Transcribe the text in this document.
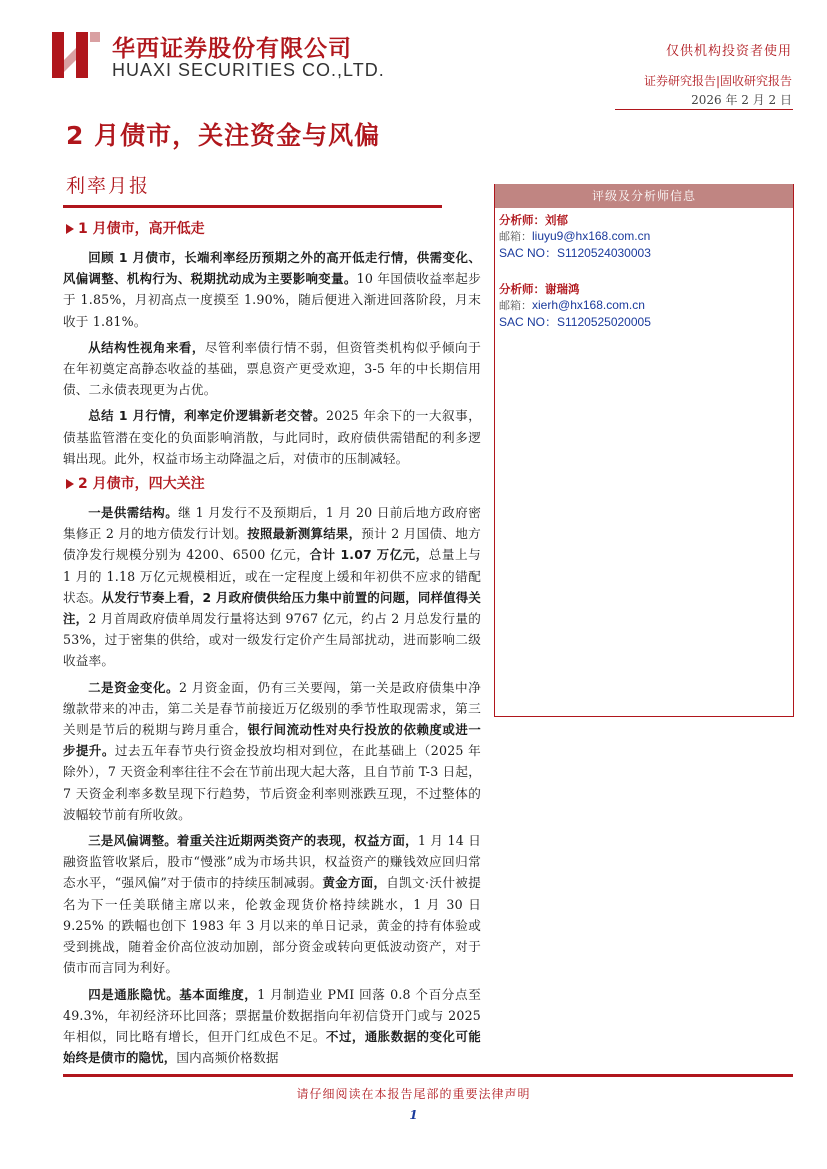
华西证券股份有限公司
HUAXI SECURITIES CO.,LTD.
仅供机构投资者使用
证券研究报告|固收研究报告
2026 年 2 月 2 日
2 月债市，关注资金与风偏
利率月报
1 月债市，高开低走

回顾 1 月债市，长端利率经历预期之外的高开低走行情，供需变化、风偏调整、机构行为、税期扰动成为主要影响变量。10 年国债收益率起步于 1.85%，月初高点一度摸至 1.90%，随后便进入渐进回落阶段，月末收于 1.81%。

从结构性视角来看，尽管利率债行情不弱，但资管类机构似乎倾向于在年初奠定高静态收益的基础，票息资产更受欢迎，3-5 年的中长期信用债、二永债表现更为占优。

总结 1 月行情，利率定价逻辑新老交替。2025 年余下的一大叙事，债基监管潜在变化的负面影响消散，与此同时，政府债供需错配的利多逻辑出现。此外，权益市场主动降温之后，对债市的压制减轻。

2 月债市，四大关注

一是供需结构。继 1 月发行不及预期后，1 月 20 日前后地方政府密集修正 2 月的地方债发行计划。按照最新测算结果，预计 2 月国债、地方债净发行规模分别为 4200、6500 亿元，合计 1.07 万亿元，总量上与 1 月的 1.18 万亿元规模相近，或在一定程度上缓和年初供不应求的错配状态。从发行节奏上看，2 月政府债供给压力集中前置的问题，同样值得关注，2 月首周政府债单周发行量将达到 9767 亿元，约占 2 月总发行量的 53%，过于密集的供给，或对一级发行定价产生局部扰动，进而影响二级收益率。

二是资金变化。2 月资金面，仍有三关要闯，第一关是政府债集中净缴款带来的冲击，第二关是春节前接近万亿级别的季节性取现需求，第三关则是节后的税期与跨月重合，银行间流动性对央行投放的依赖度或进一步提升。过去五年春节央行资金投放均相对到位，在此基础上（2025 年除外），7 天资金利率往往不会在节前出现大起大落，且自节前 T-3 日起，7 天资金利率多数呈现下行趋势，节后资金利率则涨跌互现，不过整体的波幅较节前有所收敛。

三是风偏调整。着重关注近期两类资产的表现，权益方面，1 月 14 日融资监管收紧后，股市“慢涨”成为市场共识，权益资产的赚钱效应回归常态水平，“强风偏”对于债市的持续压制减弱。黄金方面，自凯文·沃什被提名为下一任美联储主席以来，伦敦金现货价格持续跳水，1 月 30 日 9.25% 的跌幅也创下 1983 年 3 月以来的单日记录，黄金的持有体验或受到挑战，随着金价高位波动加剧，部分资金或转向更低波动资产，对于债市而言同为利好。

四是通胀隐忧。基本面维度，1 月制造业 PMI 回落 0.8 个百分点至 49.3%，年初经济环比回落；票据量价数据指向年初信贷开门或与 2025 年相似，同比略有增长，但开门红成色不足。不过，通胀数据的变化可能始终是债市的隐忧，国内高频价格数据

评级及分析师信息
分析师：刘郁
邮箱：liuyu9@hx168.com.cn
SAC NO：S1120524030003
分析师：谢瑞鸿
邮箱：xierh@hx168.com.cn
SAC NO：S1120525020005
请仔细阅读在本报告尾部的重要法律声明
1
